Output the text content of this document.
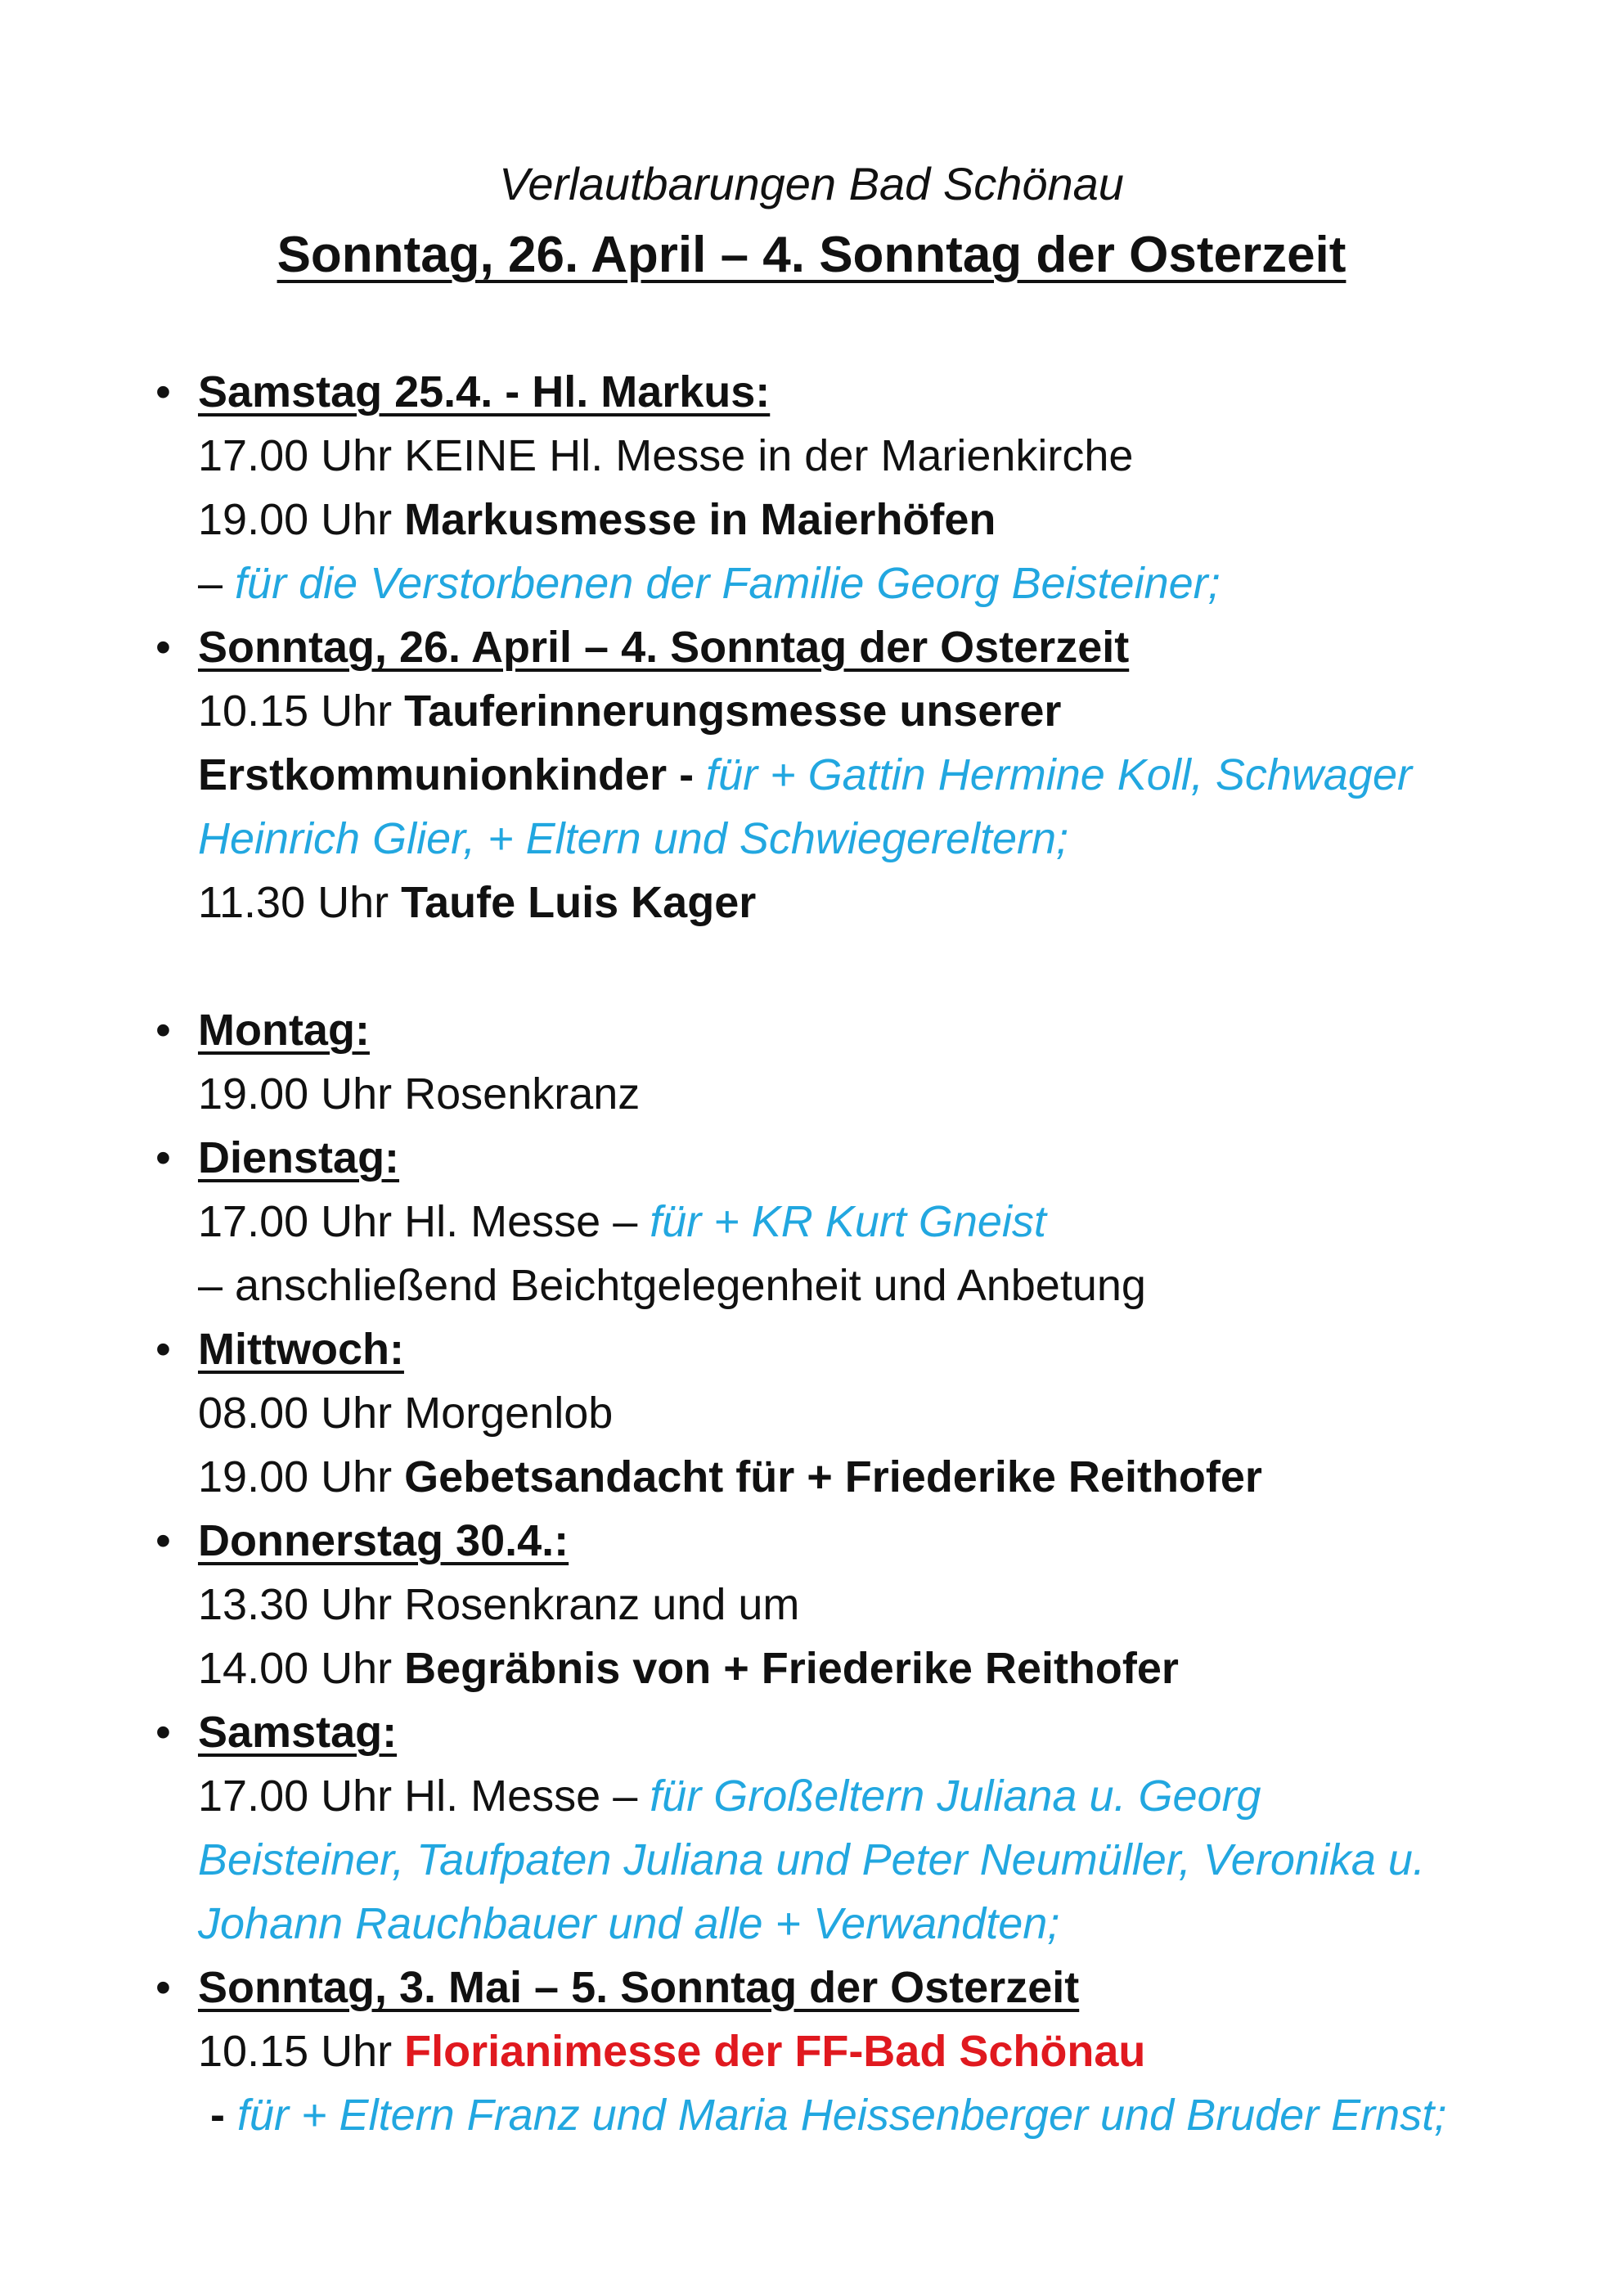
Verlautbarungen Bad Schönau
Sonntag, 26. April – 4. Sonntag der Osterzeit
• Samstag 25.4. - Hl. Markus:
17.00 Uhr KEINE Hl. Messe in der Marienkirche
19.00 Uhr Markusmesse in Maierhöfen
– für die Verstorbenen der Familie Georg Beisteiner;
• Sonntag, 26. April – 4. Sonntag der Osterzeit
10.15 Uhr Tauferinnerungsmesse unserer
Erstkommunionkinder - für + Gattin Hermine Koll, Schwager
Heinrich Glier, + Eltern und Schwiegereltern;
11.30 Uhr Taufe Luis Kager
• Montag:
19.00 Uhr Rosenkranz
• Dienstag:
17.00 Uhr Hl. Messe – für + KR Kurt Gneist
– anschließend Beichtgelegenheit und Anbetung
• Mittwoch:
08.00 Uhr Morgenlob
19.00 Uhr Gebetsandacht für + Friederike Reithofer
• Donnerstag 30.4.:
13.30 Uhr Rosenkranz und um
14.00 Uhr Begräbnis von + Friederike Reithofer
• Samstag:
17.00 Uhr Hl. Messe – für Großeltern Juliana u. Georg
Beisteiner, Taufpaten Juliana und Peter Neumüller, Veronika u.
Johann Rauchbauer und alle + Verwandten;
• Sonntag, 3. Mai – 5. Sonntag der Osterzeit
10.15 Uhr Florianimesse der FF-Bad Schönau
- für + Eltern Franz und Maria Heissenberger und Bruder Ernst;
